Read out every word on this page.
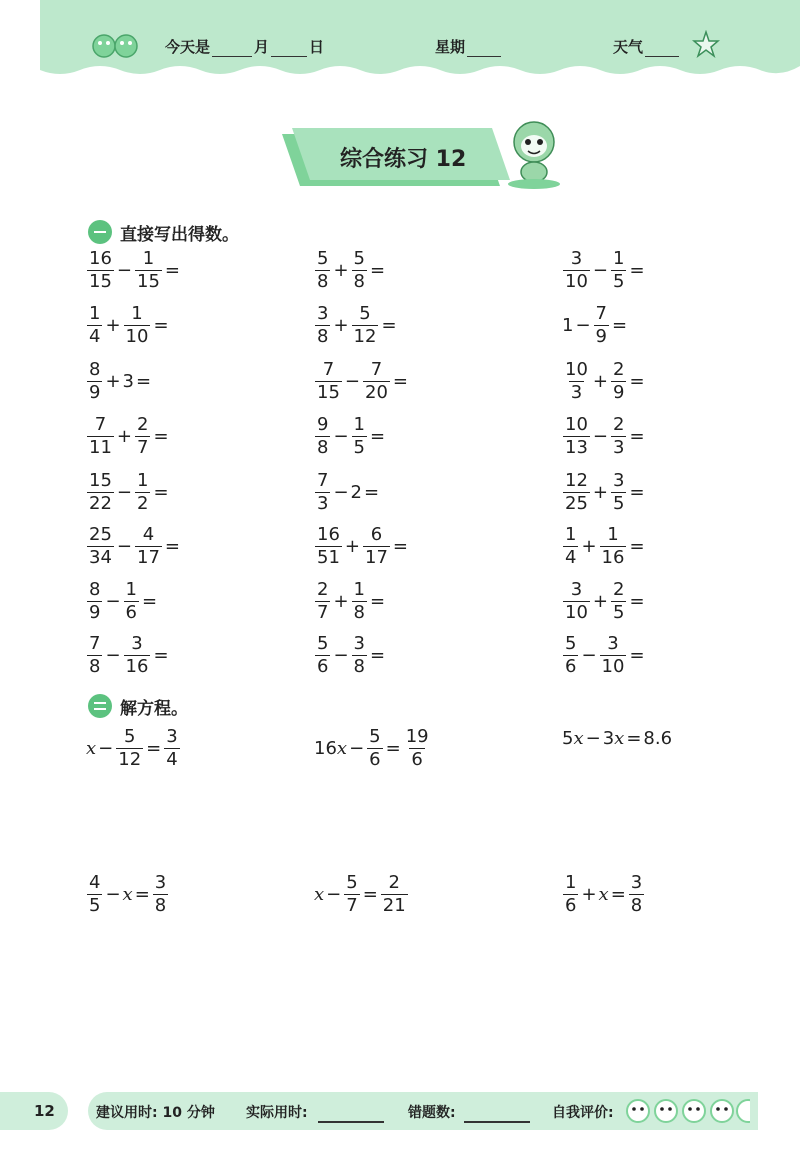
今天是	月	日	星期	天气
综合练习 12
直接写出得数。
$\frac{16}{15} - \frac{1}{15}$ =	$\frac{5}{8} + \frac{5}{8}$ =	$\frac{3}{10} - \frac{1}{5}$ =
$\frac{1}{4} + \frac{1}{10}$ =	$\frac{3}{8} + \frac{5}{12}$ =	$1 - \frac{7}{9}$ =
$\frac{8}{9} + 3$ =	$\frac{7}{15} - \frac{7}{20}$ =	$\frac{10}{3} + \frac{2}{9}$ =
$\frac{7}{11} + \frac{2}{7}$ =	$\frac{9}{8} - \frac{1}{5}$ =	$\frac{10}{13} - \frac{2}{3}$ =
$\frac{15}{22} - \frac{1}{2}$ =	$\frac{7}{3} - 2$ =	$\frac{12}{25} + \frac{3}{5}$ =
$\frac{25}{34} - \frac{4}{17}$ =	$\frac{16}{51} + \frac{6}{17}$ =	$\frac{1}{4} + \frac{1}{16}$ =
$\frac{8}{9} - \frac{1}{6}$ =	$\frac{2}{7} + \frac{1}{8}$ =	$\frac{3}{10} + \frac{2}{5}$ =
$\frac{7}{8} - \frac{3}{16}$ =	$\frac{5}{6} - \frac{3}{8}$ =	$\frac{5}{6} - \frac{3}{10}$ =
解方程。
$x - \frac{5}{12} = \frac{3}{4}$	16 $x - \frac{5}{6} = \frac{19}{6}$	5 x − 3 x = 8.6
$\frac{4}{5} - x = \frac{3}{8}$	$x - \frac{5}{7} = \frac{2}{21}$	$\frac{1}{6} + x = \frac{3}{8}$
12	建议用时: 10 分钟 实际用时:	错题数:	自我评价:
